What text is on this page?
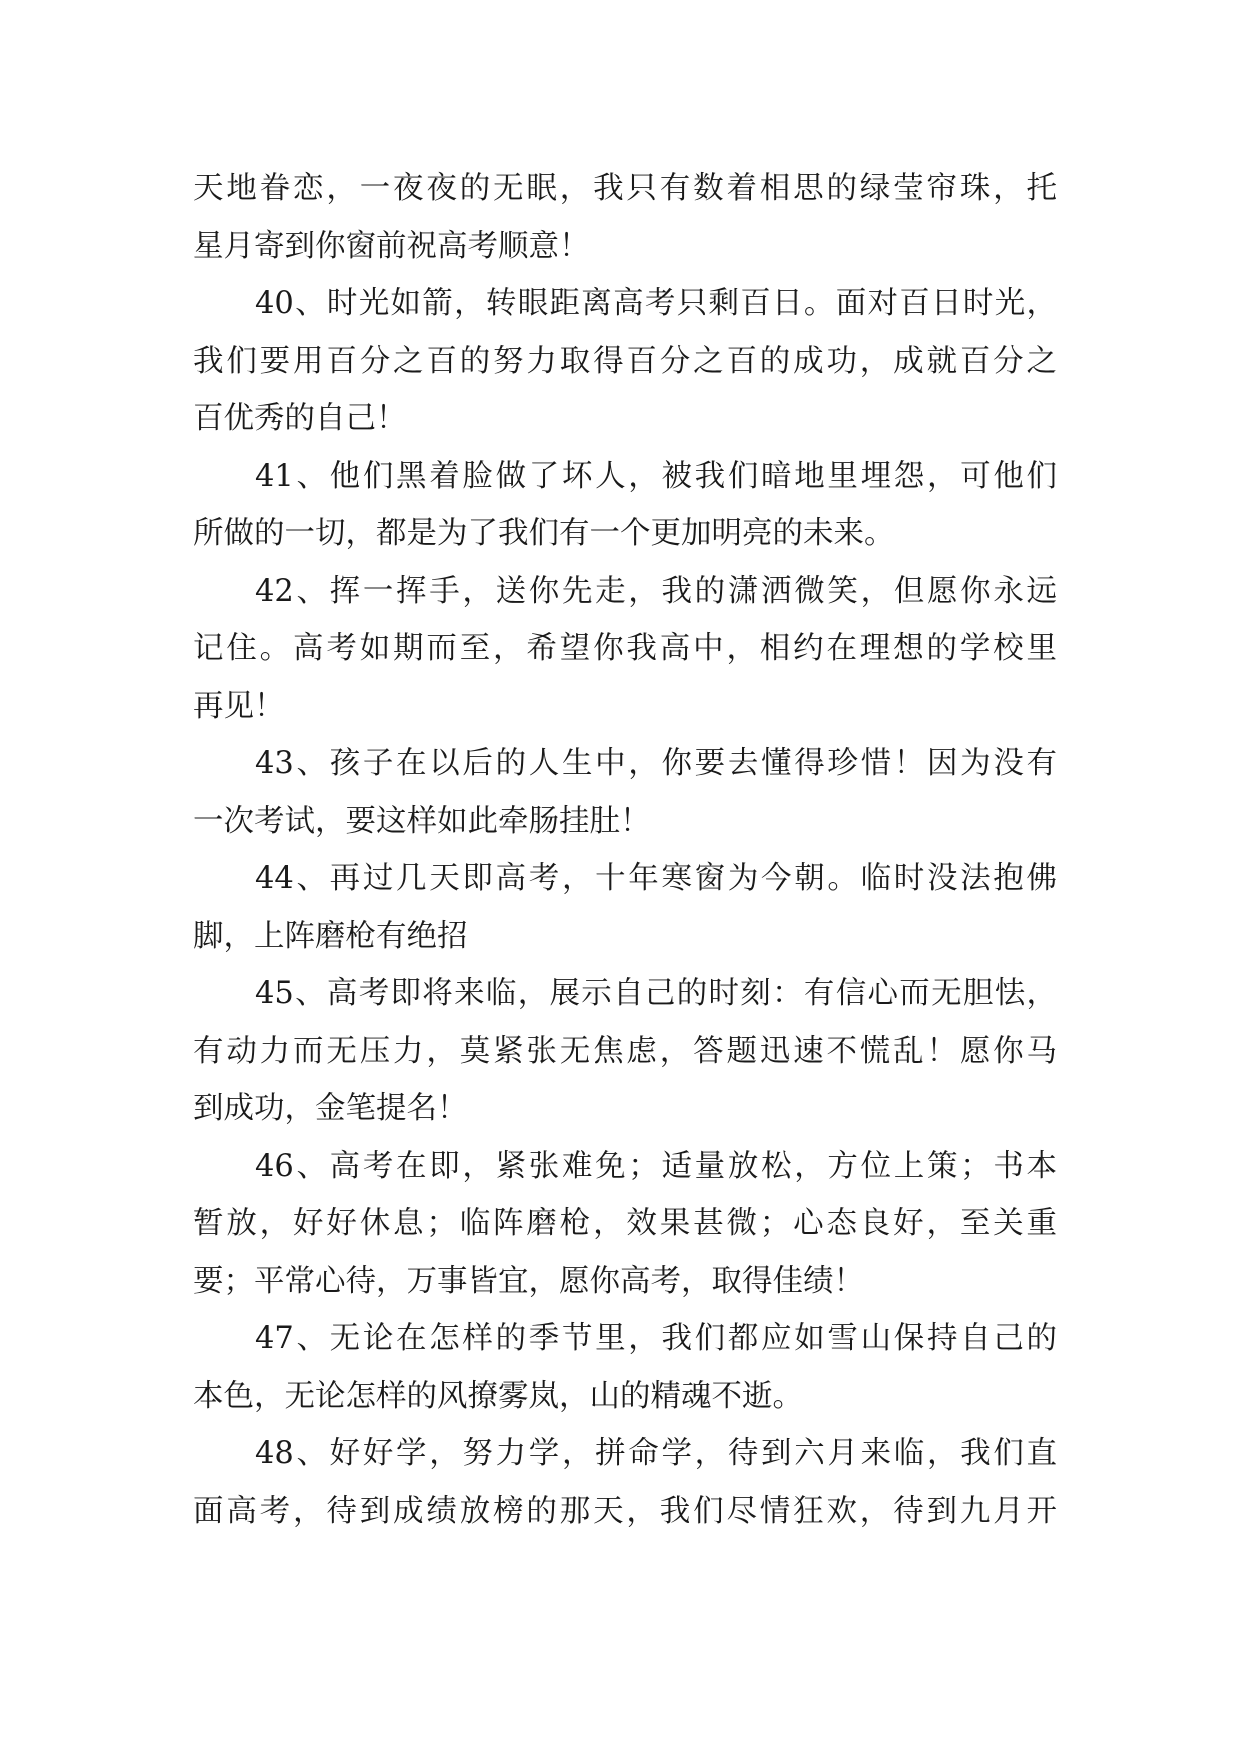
天地眷恋，一夜夜的无眠，我只有数着相思的绿莹帘珠，托
星月寄到你窗前祝高考顺意！
40、时光如箭，转眼距离高考只剩百日。面对百日时光，
我们要用百分之百的努力取得百分之百的成功，成就百分之
百优秀的自己！
41、他们黑着脸做了坏人，被我们暗地里埋怨，可他们
所做的一切，都是为了我们有一个更加明亮的未来。
42、挥一挥手，送你先走，我的潇洒微笑，但愿你永远
记住。高考如期而至，希望你我高中，相约在理想的学校里
再见！
43、孩子在以后的人生中，你要去懂得珍惜！因为没有
一次考试，要这样如此牵肠挂肚！
44、再过几天即高考，十年寒窗为今朝。临时没法抱佛
脚，上阵磨枪有绝招
45、高考即将来临，展示自己的时刻：有信心而无胆怯，
有动力而无压力，莫紧张无焦虑，答题迅速不慌乱！愿你马
到成功，金笔提名！
46、高考在即，紧张难免；适量放松，方位上策；书本
暂放，好好休息；临阵磨枪，效果甚微；心态良好，至关重
要；平常心待，万事皆宜，愿你高考，取得佳绩！
47、无论在怎样的季节里，我们都应如雪山保持自己的
本色，无论怎样的风撩雾岚，山的精魂不逝。
48、好好学，努力学，拼命学，待到六月来临，我们直
面高考，待到成绩放榜的那天，我们尽情狂欢，待到九月开
